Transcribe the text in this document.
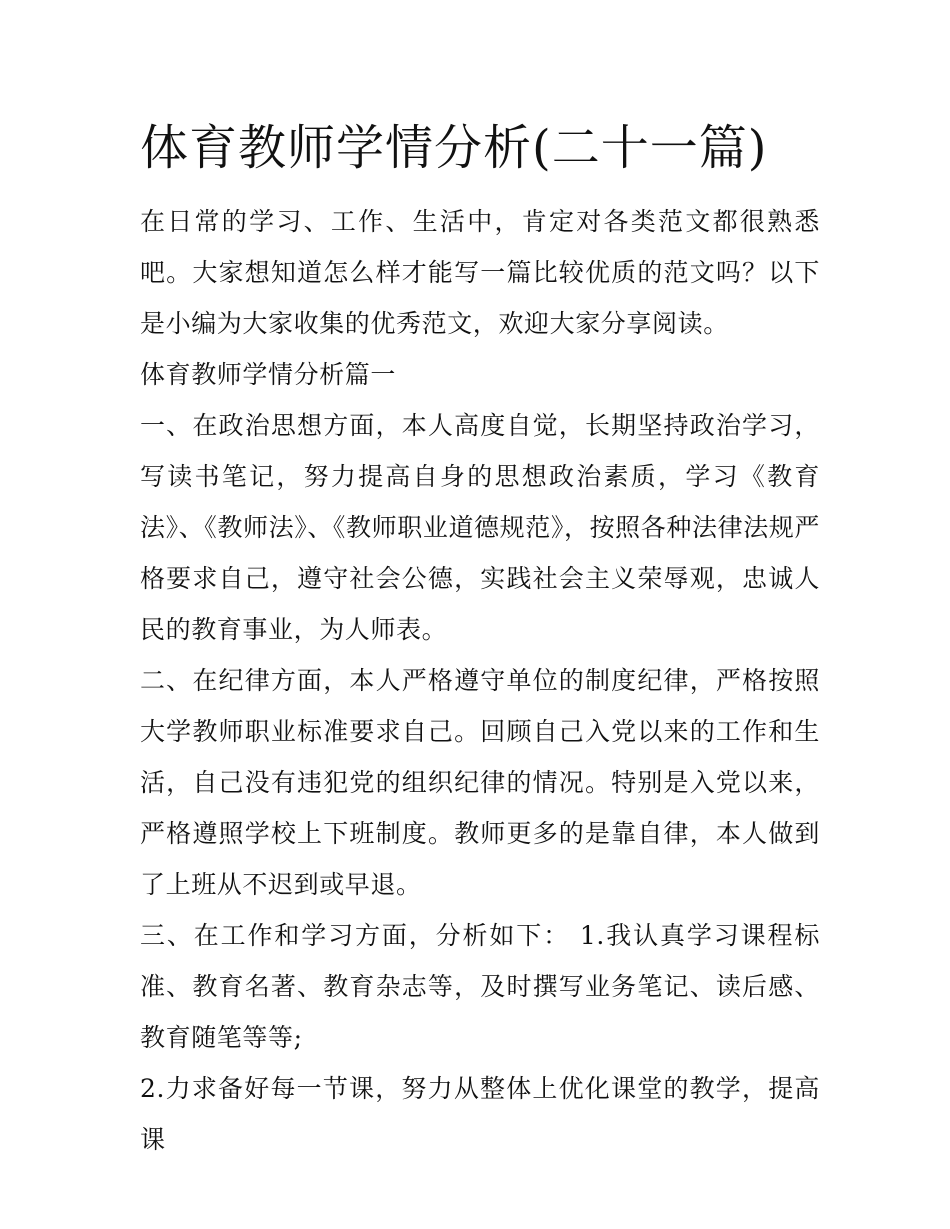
体育教师学情分析(二十一篇)

在日常的学习、工作、生活中，肯定对各类范文都很熟悉吧。大家想知道怎么样才能写一篇比较优质的范文吗？以下是小编为大家收集的优秀范文，欢迎大家分享阅读。

体育教师学情分析篇一

一、在政治思想方面，本人高度自觉，长期坚持政治学习，写读书笔记，努力提高自身的思想政治素质，学习《教育法》、《教师法》、《教师职业道德规范》，按照各种法律法规严格要求自己，遵守社会公德，实践社会主义荣辱观，忠诚人民的教育事业，为人师表。

二、在纪律方面，本人严格遵守单位的制度纪律，严格按照大学教师职业标准要求自己。回顾自己入党以来的工作和生活，自己没有违犯党的组织纪律的情况。特别是入党以来，严格遵照学校上下班制度。教师更多的是靠自律，本人做到了上班从不迟到或早退。

三、在工作和学习方面，分析如下： 1.我认真学习课程标准、教育名著、教育杂志等，及时撰写业务笔记、读后感、教育随笔等等;

2.力求备好每一节课，努力从整体上优化课堂的教学，提高课
